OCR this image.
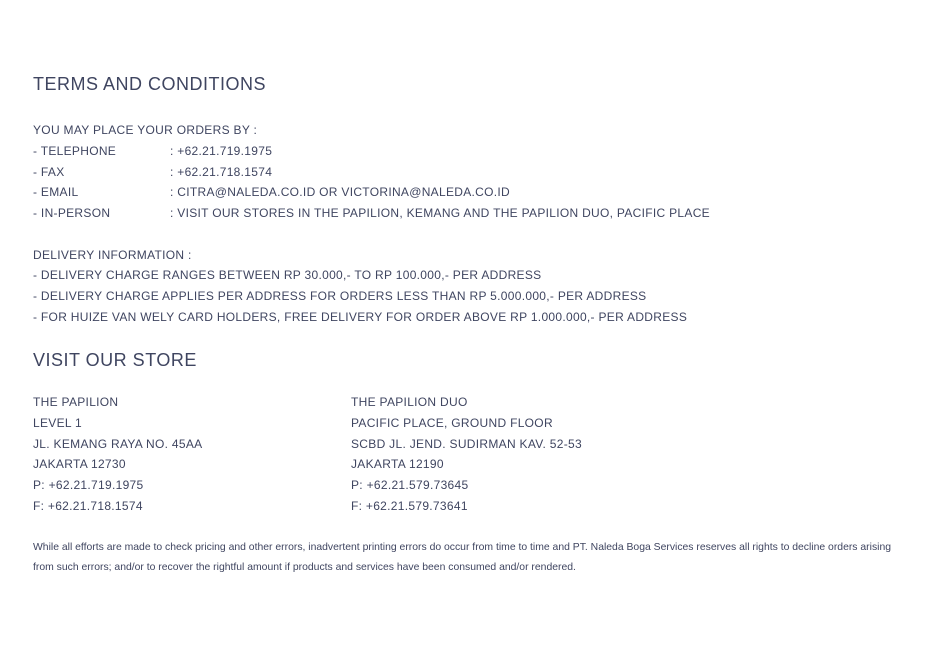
TERMS AND CONDITIONS
YOU MAY PLACE YOUR ORDERS BY :
- TELEPHONE	: +62.21.719.1975
- FAX	: +62.21.718.1574
- EMAIL	: CITRA@NALEDA.CO.ID OR VICTORINA@NALEDA.CO.ID
- IN-PERSON	: VISIT OUR STORES IN THE PAPILION, KEMANG AND THE PAPILION DUO, PACIFIC PLACE
DELIVERY INFORMATION :
- DELIVERY CHARGE RANGES BETWEEN RP 30.000,- TO RP 100.000,- PER ADDRESS
- DELIVERY CHARGE APPLIES PER ADDRESS FOR ORDERS LESS THAN RP 5.000.000,- PER ADDRESS
- FOR HUIZE VAN WELY CARD HOLDERS, FREE DELIVERY FOR ORDER ABOVE RP 1.000.000,- PER ADDRESS
VISIT OUR STORE
THE PAPILION
LEVEL 1
JL. KEMANG RAYA NO. 45AA
JAKARTA 12730
P: +62.21.719.1975
F: +62.21.718.1574
THE PAPILION DUO
PACIFIC PLACE, GROUND FLOOR
SCBD JL. JEND. SUDIRMAN KAV. 52-53
JAKARTA 12190
P: +62.21.579.73645
F: +62.21.579.73641

While all efforts are made to check pricing and other errors, inadvertent printing errors do occur from time to time and PT. Naleda Boga Services reserves all rights to decline orders arising from such errors; and/or to recover the rightful amount if products and services have been consumed and/or rendered.
